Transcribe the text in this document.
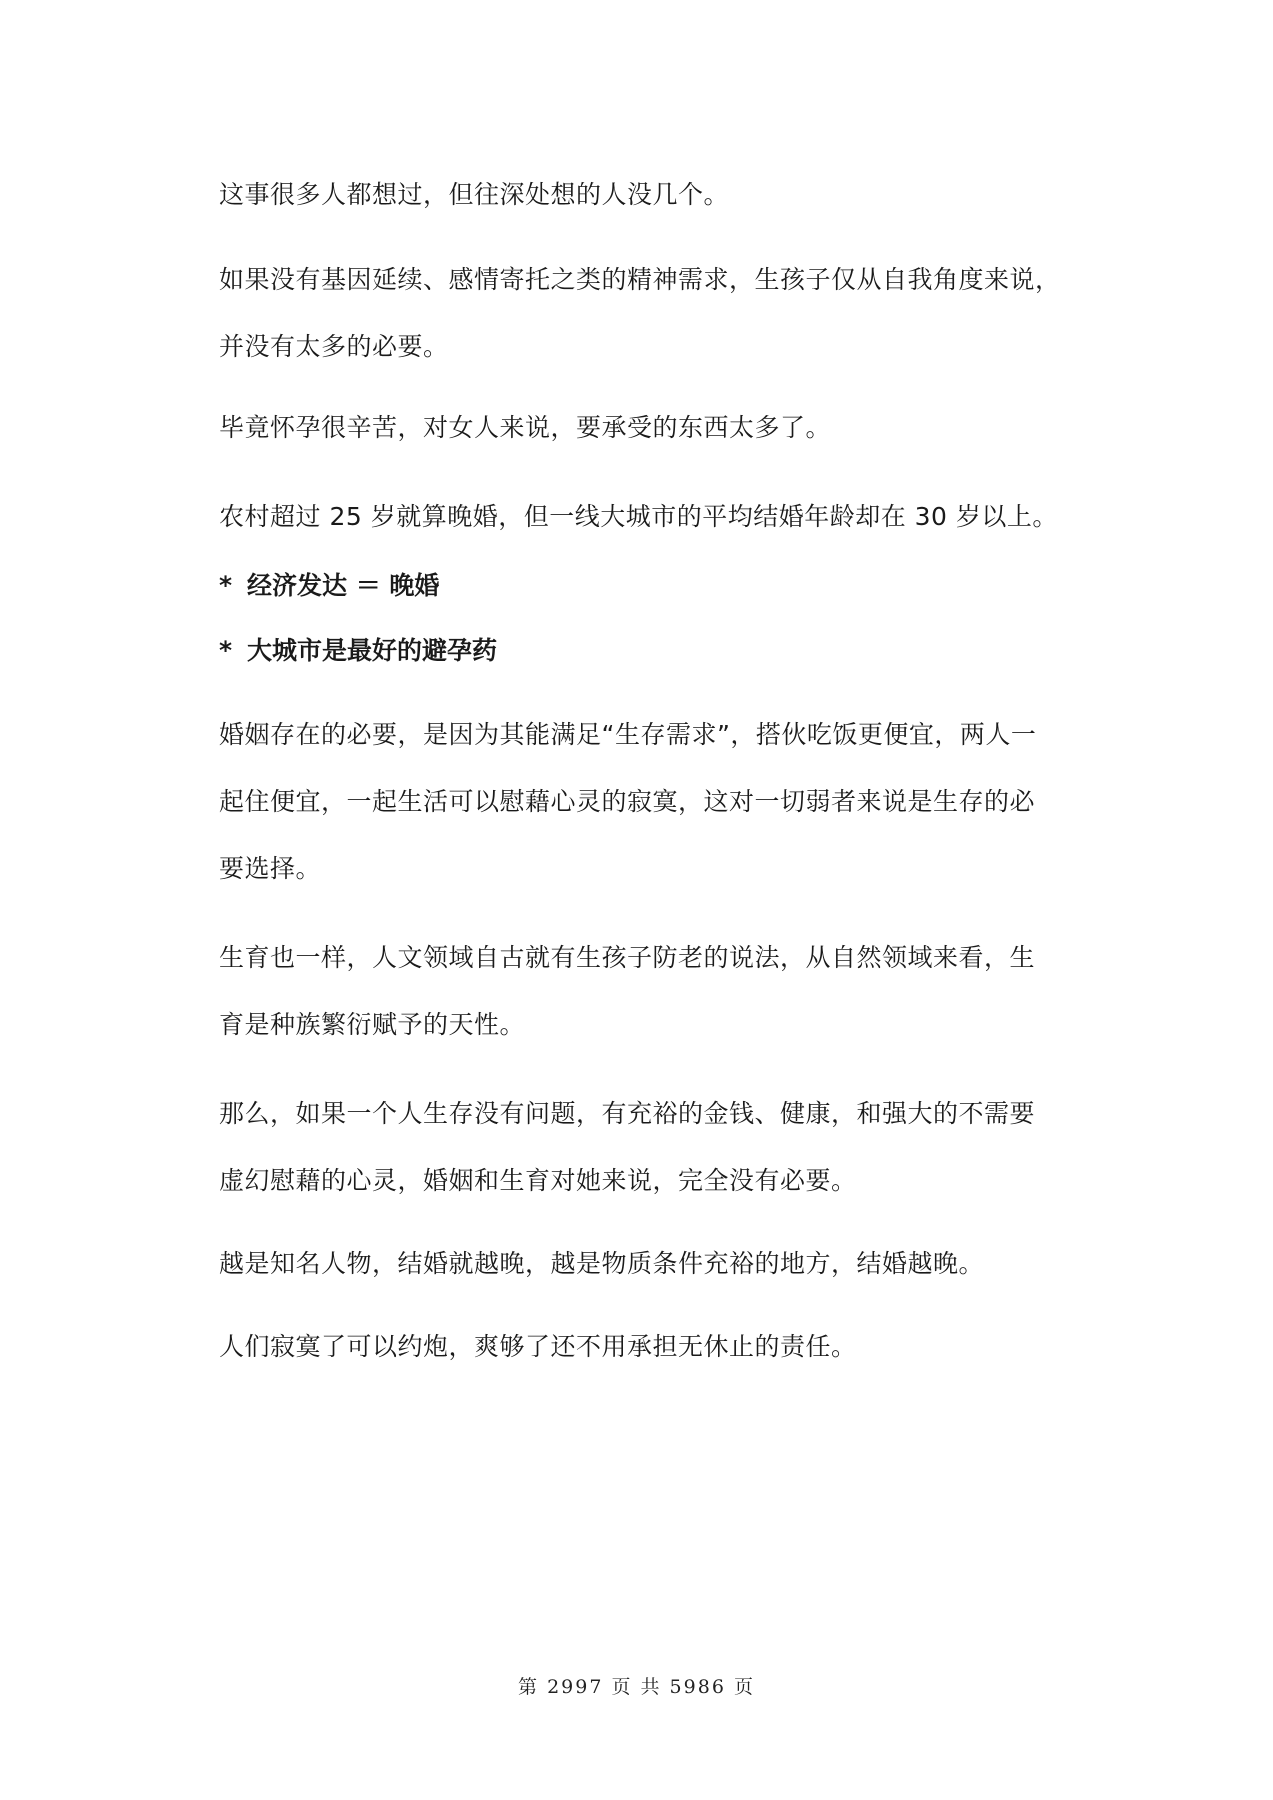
这事很多人都想过，但往深处想的人没几个。
如果没有基因延续、感情寄托之类的精神需求，生孩子仅从自我角度来说，
并没有太多的必要。
毕竟怀孕很辛苦，对女人来说，要承受的东西太多了。
农村超过 25 岁就算晚婚，但一线大城市的平均结婚年龄却在 30 岁以上。
* 经济发达 ＝ 晚婚
* 大城市是最好的避孕药
婚姻存在的必要，是因为其能满足“生存需求”，搭伙吃饭更便宜，两人一
起住便宜，一起生活可以慰藉心灵的寂寞，这对一切弱者来说是生存的必
要选择。
生育也一样，人文领域自古就有生孩子防老的说法，从自然领域来看，生
育是种族繁衍赋予的天性。
那么，如果一个人生存没有问题，有充裕的金钱、健康，和强大的不需要
虚幻慰藉的心灵，婚姻和生育对她来说，完全没有必要。
越是知名人物，结婚就越晚，越是物质条件充裕的地方，结婚越晚。
人们寂寞了可以约炮，爽够了还不用承担无休止的责任。
第 2997 页 共 5986 页
